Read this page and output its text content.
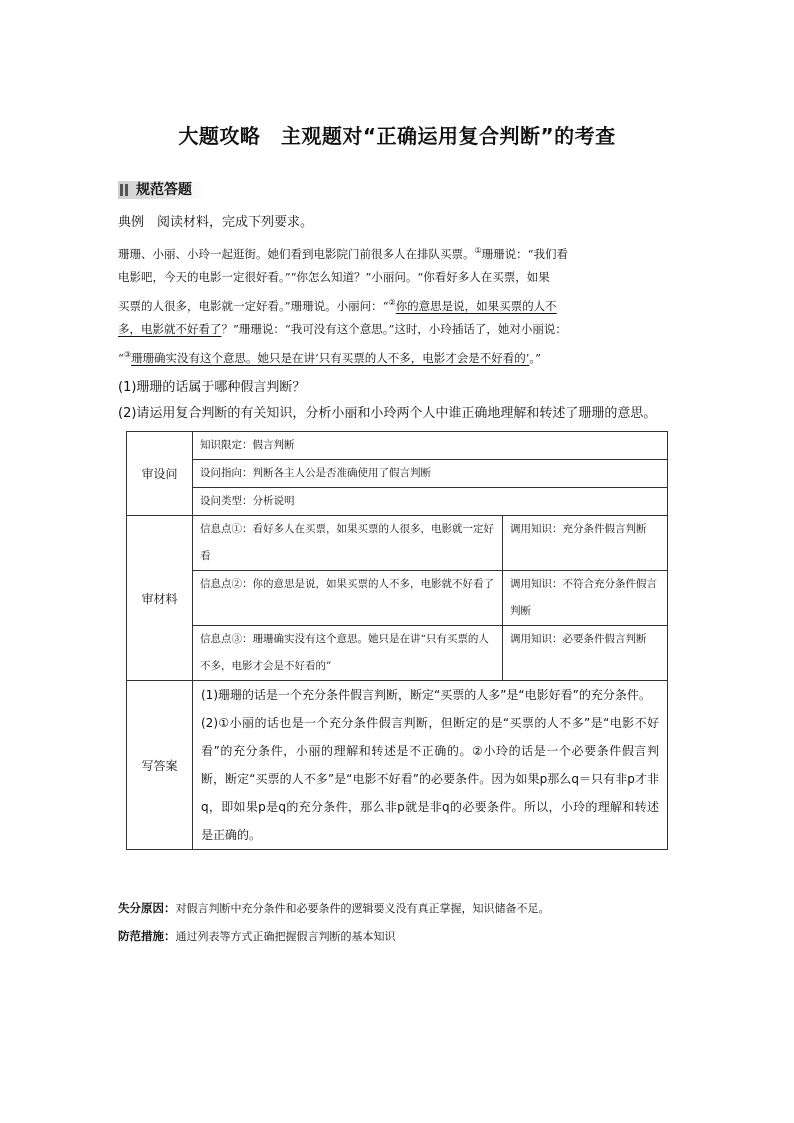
大题攻略　主观题对“正确运用复合判断”的考查
规范答题
典例　阅读材料，完成下列要求。
珊珊、小丽、小玲一起逛街。她们看到电影院门前很多人在排队买票。①珊珊说：“我们看
电影吧，今天的电影一定很好看。”“你怎么知道？”小丽问。“你看好多人在买票，如果
买票的人很多，电影就一定好看。”珊珊说。小丽问：“②你的意思是说，如果买票的人不
多，电影就不好看了？”珊珊说：“我可没有这个意思。”这时，小玲插话了，她对小丽说：
“③珊珊确实没有这个意思。她只是在讲‘只有买票的人不多，电影才会是不好看的’。”
(1)珊珊的话属于哪种假言判断？
(2)请运用复合判断的有关知识，分析小丽和小玲两个人中谁正确地理解和转述了珊珊的意思。
审设问	知识限定：假言判断	
	设问指向：判断各主人公是否准确使用了假言判断	
	设问类型：分析说明	
审材料	信息点①：看好多人在买票，如果买票的人很多，电影就一定好看	调用知识：充分条件假言判断
	信息点②：你的意思是说，如果买票的人不多，电影就不好看了	调用知识：不符合充分条件假言判断
	信息点③：珊珊确实没有这个意思。她只是在讲“只有买票的人不多，电影才会是不好看的”	调用知识：必要条件假言判断
写答案	(1)珊珊的话是一个充分条件假言判断，断定“买票的人多”是“电影好看”的充分条件。

(2)①小丽的话也是一个充分条件假言判断，但断定的是“买票的人不多”是“电影不好看”的充分条件，小丽的理解和转述是不正确的。②小玲的话是一个必要条件假言判断，断定“买票的人不多”是“电影不好看”的必要条件。因为如果p那么q＝只有非p才非q，即如果p是q的充分条件，那么非p就是非q的必要条件。所以，小玲的理解和转述是正确的。	

失分原因：对假言判断中充分条件和必要条件的逻辑要义没有真正掌握，知识储备不足。
防范措施：通过列表等方式正确把握假言判断的基本知识
